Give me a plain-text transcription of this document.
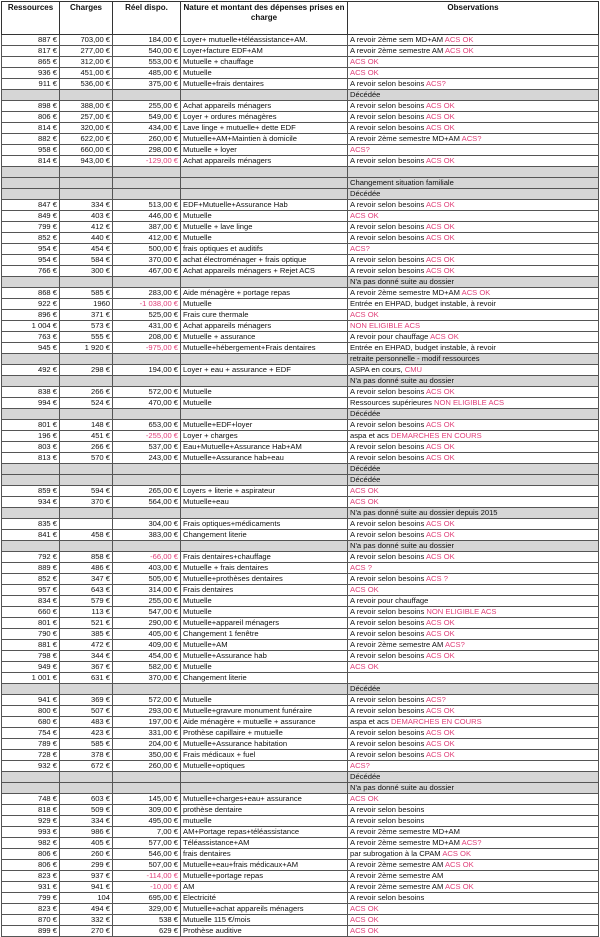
Ressources	Charges	Réel dispo.	Nature et montant des dépenses prises en charge	Observations
887 €	703,00 €	184,00 €	Loyer+ mutuelle+téléassistance+AM.	A revoir 2ème sem MD+AM ACS OK
817 €	277,00 €	540,00 €	Loyer+facture EDF+AM	A revoir 2ème semestre AM ACS OK
865 €	312,00 €	553,00 €	Mutuelle + chauffage	ACS OK
936 €	451,00 €	485,00 €	Mutuelle	ACS OK
911 €	536,00 €	375,00 €	Mutuelle+frais dentaires	A revoir selon besoins ACS?
				Décédée
898 €	388,00 €	255,00 €	Achat appareils ménagers	A revoir selon besoins ACS OK
806 €	257,00 €	549,00 €	Loyer + ordures ménagères	A revoir selon besoins ACS OK
814 €	320,00 €	434,00 €	Lave linge + mutuelle+ dette EDF	A revoir selon besoins ACS OK
882 €	622,00 €	260,00 €	Mutuelle+AM+Maintien à domicile	A revoir 2ème semestre MD+AM ACS?
958 €	660,00 €	298,00 €	Mutuelle + loyer	ACS?
814 €	943,00 €	-129,00 €	Achat appareils ménagers	A revoir selon besoins ACS OK

				Changement situation familiale
				Décédée
847 €	334 €	513,00 €	EDF+Mutuelle+Assurance Hab	A revoir selon besoins ACS OK
849 €	403 €	446,00 €	Mutuelle	ACS OK
799 €	412 €	387,00 €	Mutuelle + lave linge	A revoir selon besoins ACS OK
852 €	440 €	412,00 €	Mutuelle	A revoir selon besoins ACS OK
954 €	454 €	500,00 €	frais optiques et auditifs	ACS?
954 €	584 €	370,00 €	achat électroménager + frais optique	A revoir selon besoins ACS OK
766 €	300 €	467,00 €	Achat appareils ménagers + Rejet ACS	A revoir selon besoins ACS OK
				N'a pas donné suite au dossier
868 €	585 €	283,00 €	Aide ménagère + portage repas	A revoir 2ème semestre MD+AM ACS OK
922 €	1960	-1 038,00 €	Mutuelle	Entrée en EHPAD, budget instable, à revoir
896 €	371 €	525,00 €	Frais cure thermale	ACS OK
1 004 €	573 €	431,00 €	Achat appareils ménagers	NON ELIGIBLE ACS
763 €	555 €	208,00 €	Mutuelle + assurance	A revoir pour chauffage ACS OK
945 €	1 920 €	-975,00 €	Mutuelle+hébergement+Frais dentaires	Entrée en EHPAD, budget instable, à revoir
				retraite personnelle - modif ressources
492 €	298 €	194,00 €	Loyer + eau + assurance + EDF	ASPA en cours, CMU
				N'a pas donné suite au dossier
838 €	266 €	572,00 €	Mutuelle	A revoir selon besoins ACS OK
994 €	524 €	470,00 €	Mutuelle	Ressources supérieures NON ELIGIBLE ACS
				Décédée
801 €	148 €	653,00 €	Mutuelle+EDF+loyer	A revoir selon besoins ACS OK
196 €	451 €	-255,00 €	Loyer + charges	aspa et acs DEMARCHES EN COURS
803 €	266 €	537,00 €	Eau+Mutuelle+Assurance Hab+AM	A revoir selon besoins ACS OK
813 €	570 €	243,00 €	Mutuelle+Assurance hab+eau	A revoir selon besoins ACS OK
				Décédée
				Décédée
859 €	594 €	265,00 €	Loyers + literie + aspirateur	ACS OK
934 €	370 €	564,00 €	Mutuelle+eau	ACS OK
				N'a pas donné suite au dossier depuis 2015
835 €		304,00 €	Frais optiques+médicaments	A revoir selon besoins ACS OK
841 €	458 €	383,00 €	Changement literie	A revoir selon besoins ACS OK
				N'a pas donné suite au dossier
792 €	858 €	-66,00 €	Frais dentaires+chauffage	A revoir selon besoins ACS OK
889 €	486 €	403,00 €	Mutuelle + frais dentaires	ACS ?
852 €	347 €	505,00 €	Mutuelle+prothèses dentaires	A revoir selon besoins ACS ?
957 €	643 €	314,00 €	Frais dentaires	ACS OK
834 €	579 €	255,00 €	Mutuelle	A revoir pour chauffage
660 €	113 €	547,00 €	Mutuelle	A revoir selon besoins NON ELIGIBLE ACS
801 €	521 €	290,00 €	Mutuelle+appareil ménagers	A revoir selon besoins ACS OK
790 €	385 €	405,00 €	Changement 1 fenêtre	A revoir selon besoins ACS OK
881 €	472 €	409,00 €	Mutuelle+AM	A revoir 2ème semestre AM ACS?
798 €	344 €	454,00 €	Mutuelle+Assurance hab	A revoir selon besoins ACS OK
949 €	367 €	582,00 €	Mutuelle	ACS OK
1 001 €	631 €	370,00 €	Changement literie	
				Décédée
941 €	369 €	572,00 €	Mutuelle	A revoir selon besoins ACS?
800 €	507 €	293,00 €	Mutuelle+gravure monument funéraire	A revoir selon besoins ACS OK
680 €	483 €	197,00 €	Aide ménagère + mutuelle + assurance	aspa et acs DEMARCHES EN COURS
754 €	423 €	331,00 €	Prothèse capillaire + mutuelle	A revoir selon besoins ACS OK
789 €	585 €	204,00 €	Mutuelle+Assurance habitation	A revoir selon besoins ACS OK
728 €	378 €	350,00 €	Frais médicaux + fuel	A revoir selon besoins ACS OK
932 €	672 €	260,00 €	Mutuelle+optiques	ACS?
				Décédée
				N'a pas donné suite au dossier
748 €	603 €	145,00 €	Mutuelle+charges+eau+ assurance	ACS OK
818 €	509 €	309,00 €	prothèse dentaire	A revoir selon besoins
929 €	334 €	495,00 €	mutuelle	A revoir selon besoins
993 €	986 €	7,00 €	AM+Portage repas+téléassistance	A revoir 2ème semestre MD+AM
982 €	405 €	577,00 €	Téléassistance+AM	A revoir 2ème semestre MD+AM ACS?
806 €	260 €	546,00 €	frais dentaires	par subrogation à la CPAM ACS OK
806 €	299 €	507,00 €	Mutuelle+eau+frais médicaux+AM	A revoir 2ème semestre AM ACS OK
823 €	937 €	-114,00 €	Mutuelle+portage repas	A revoir 2ème semestre AM
931 €	941 €	-10,00 €	AM	A revoir 2ème semestre AM ACS OK
799 €	104	695,00 €	Electricité	A revoir selon besoins
823 €	494 €	329,00 €	Mutuelle+achat appareils ménagers	ACS OK
870 €	332 €	538 €	Mutuelle 115 €/mois	ACS OK
899 €	270 €	629 €	Prothèse auditive	ACS OK
